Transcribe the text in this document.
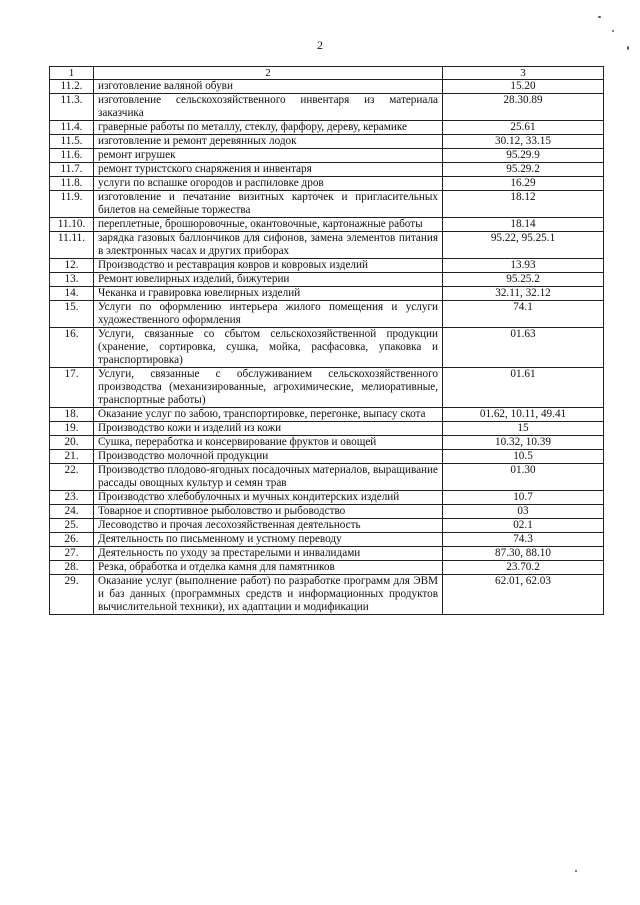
2
1	2	3
11.2.	изготовление валяной обуви	15.20
11.3.	изготовление сельскохозяйственного инвентаря из материала заказчика	28.30.89
11.4.	граверные работы по металлу, стеклу, фарфору, дереву, керамике	25.61
11.5.	изготовление и ремонт деревянных лодок	30.12, 33.15
11.6.	ремонт игрушек	95.29.9
11.7.	ремонт туристского снаряжения и инвентаря	95.29.2
11.8.	услуги по вспашке огородов и распиловке дров	16.29
11.9.	изготовление и печатание визитных карточек и пригласительных билетов на семейные торжества	18.12
11.10.	переплетные, брошюровочные, окантовочные, картонажные работы	18.14
11.11.	зарядка газовых баллончиков для сифонов, замена элементов питания в электронных часах и других приборах	95.22, 95.25.1
12.	Производство и реставрация ковров и ковровых изделий	13.93
13.	Ремонт ювелирных изделий, бижутерии	95.25.2
14.	Чеканка и гравировка ювелирных изделий	32.11, 32.12
15.	Услуги по оформлению интерьера жилого помещения и услуги художественного оформления	74.1
16.	Услуги, связанные со сбытом сельскохозяйственной продукции (хранение, сортировка, сушка, мойка, расфасовка, упаковка и транспортировка)	01.63
17.	Услуги, связанные с обслуживанием сельскохозяйственного производства (механизированные, агрохимические, мелиоративные, транспортные работы)	01.61
18.	Оказание услуг по забою, транспортировке, перегонке, выпасу скота	01.62, 10.11, 49.41
19.	Производство кожи и изделий из кожи	15
20.	Сушка, переработка и консервирование фруктов и овощей	10.32, 10.39
21.	Производство молочной продукции	10.5
22.	Производство плодово-ягодных посадочных материалов, выращивание рассады овощных культур и семян трав	01.30
23.	Производство хлебобулочных и мучных кондитерских изделий	10.7
24.	Товарное и спортивное рыболовство и рыбоводство	03
25.	Лесоводство и прочая лесохозяйственная деятельность	02.1
26.	Деятельность по письменному и устному переводу	74.3
27.	Деятельность по уходу за престарелыми и инвалидами	87.30, 88.10
28.	Резка, обработка и отделка камня для памятников	23.70.2
29.	Оказание услуг (выполнение работ) по разработке программ для ЭВМ и баз данных (программных средств и информационных продуктов вычислительной техники), их адаптации и модификации	62.01, 62.03
